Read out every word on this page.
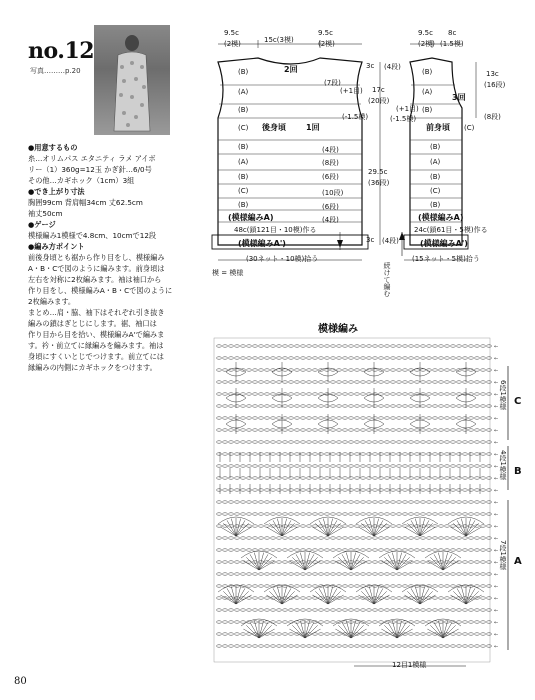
no.12
写真………p.20
●用意するもの
糸…オリムパス エタニティ ラメ アイボ
リー（1）360g=12玉 かぎ針…6/0号
その他…カギホック（1cm）3組
●でき上がり寸法
胸囲99cm 背肩幅34cm 丈62.5cm
袖丈50cm
●ゲージ
模様編み1模様で4.8cm、10cmで12段
●編み方ポイント
前後身頃とも裾から作り目をし、模様編み
A・B・Cで図のように編みます。前身頃は
左右を対称に2枚編みます。袖は袖口から
作り目をし、模様編みA・B・Cで図のように
2枚編みます。
まとめ…肩・脇、袖下はそれぞれ引き抜き
編みの鎖はぎとじにします。裾、袖口は
作り目から目を拾い、模様編みA'で編みま
す。衿・前立てに縁編みを編みます。袖は
身頃にすくいとじでつけます。前立てには
縁編みの内側にカギホックをつけます。
9.5c
(2模)	15c(3模)
9.5c
(2模)
2回
(B)
(A)
(B)
(C) 後身頃	1回
(B)
(A)
(B)
(C)
(B)
(模様編みA)
48c(鎖121目・10模)作る
(模様編みA')
(30ネット・10模)拾う
(7段)
(+1目)
(-1.5模)
(4段)
(8段)
(6段)
(10段)
(6段)
(4段)
17c
(20段)
29.5c
(36段)
3c (4段)
3c (4段)
9.5c
(2模)
8c
(1.5模)
13c
(16段)
(8段)
(B)
(A)
3回
(B)
前身頃 (C)
(B)
(A)
(B)
(C)
(B)
(模様編みA)
24c(鎖61目・5模)作る
(模様編みA')
(15ネット・5模)拾う
(+1目)
(-1.5模)
続けて編む
模 = 模様
模様編み
←
←
←
←
←
←
←
←
←
←
←
←
←
←
←
←
←
←
←
←
←
←
←
←
←
←
C
6段1模様
B
4段1模様
A
7段1模様
12目1模様
80
